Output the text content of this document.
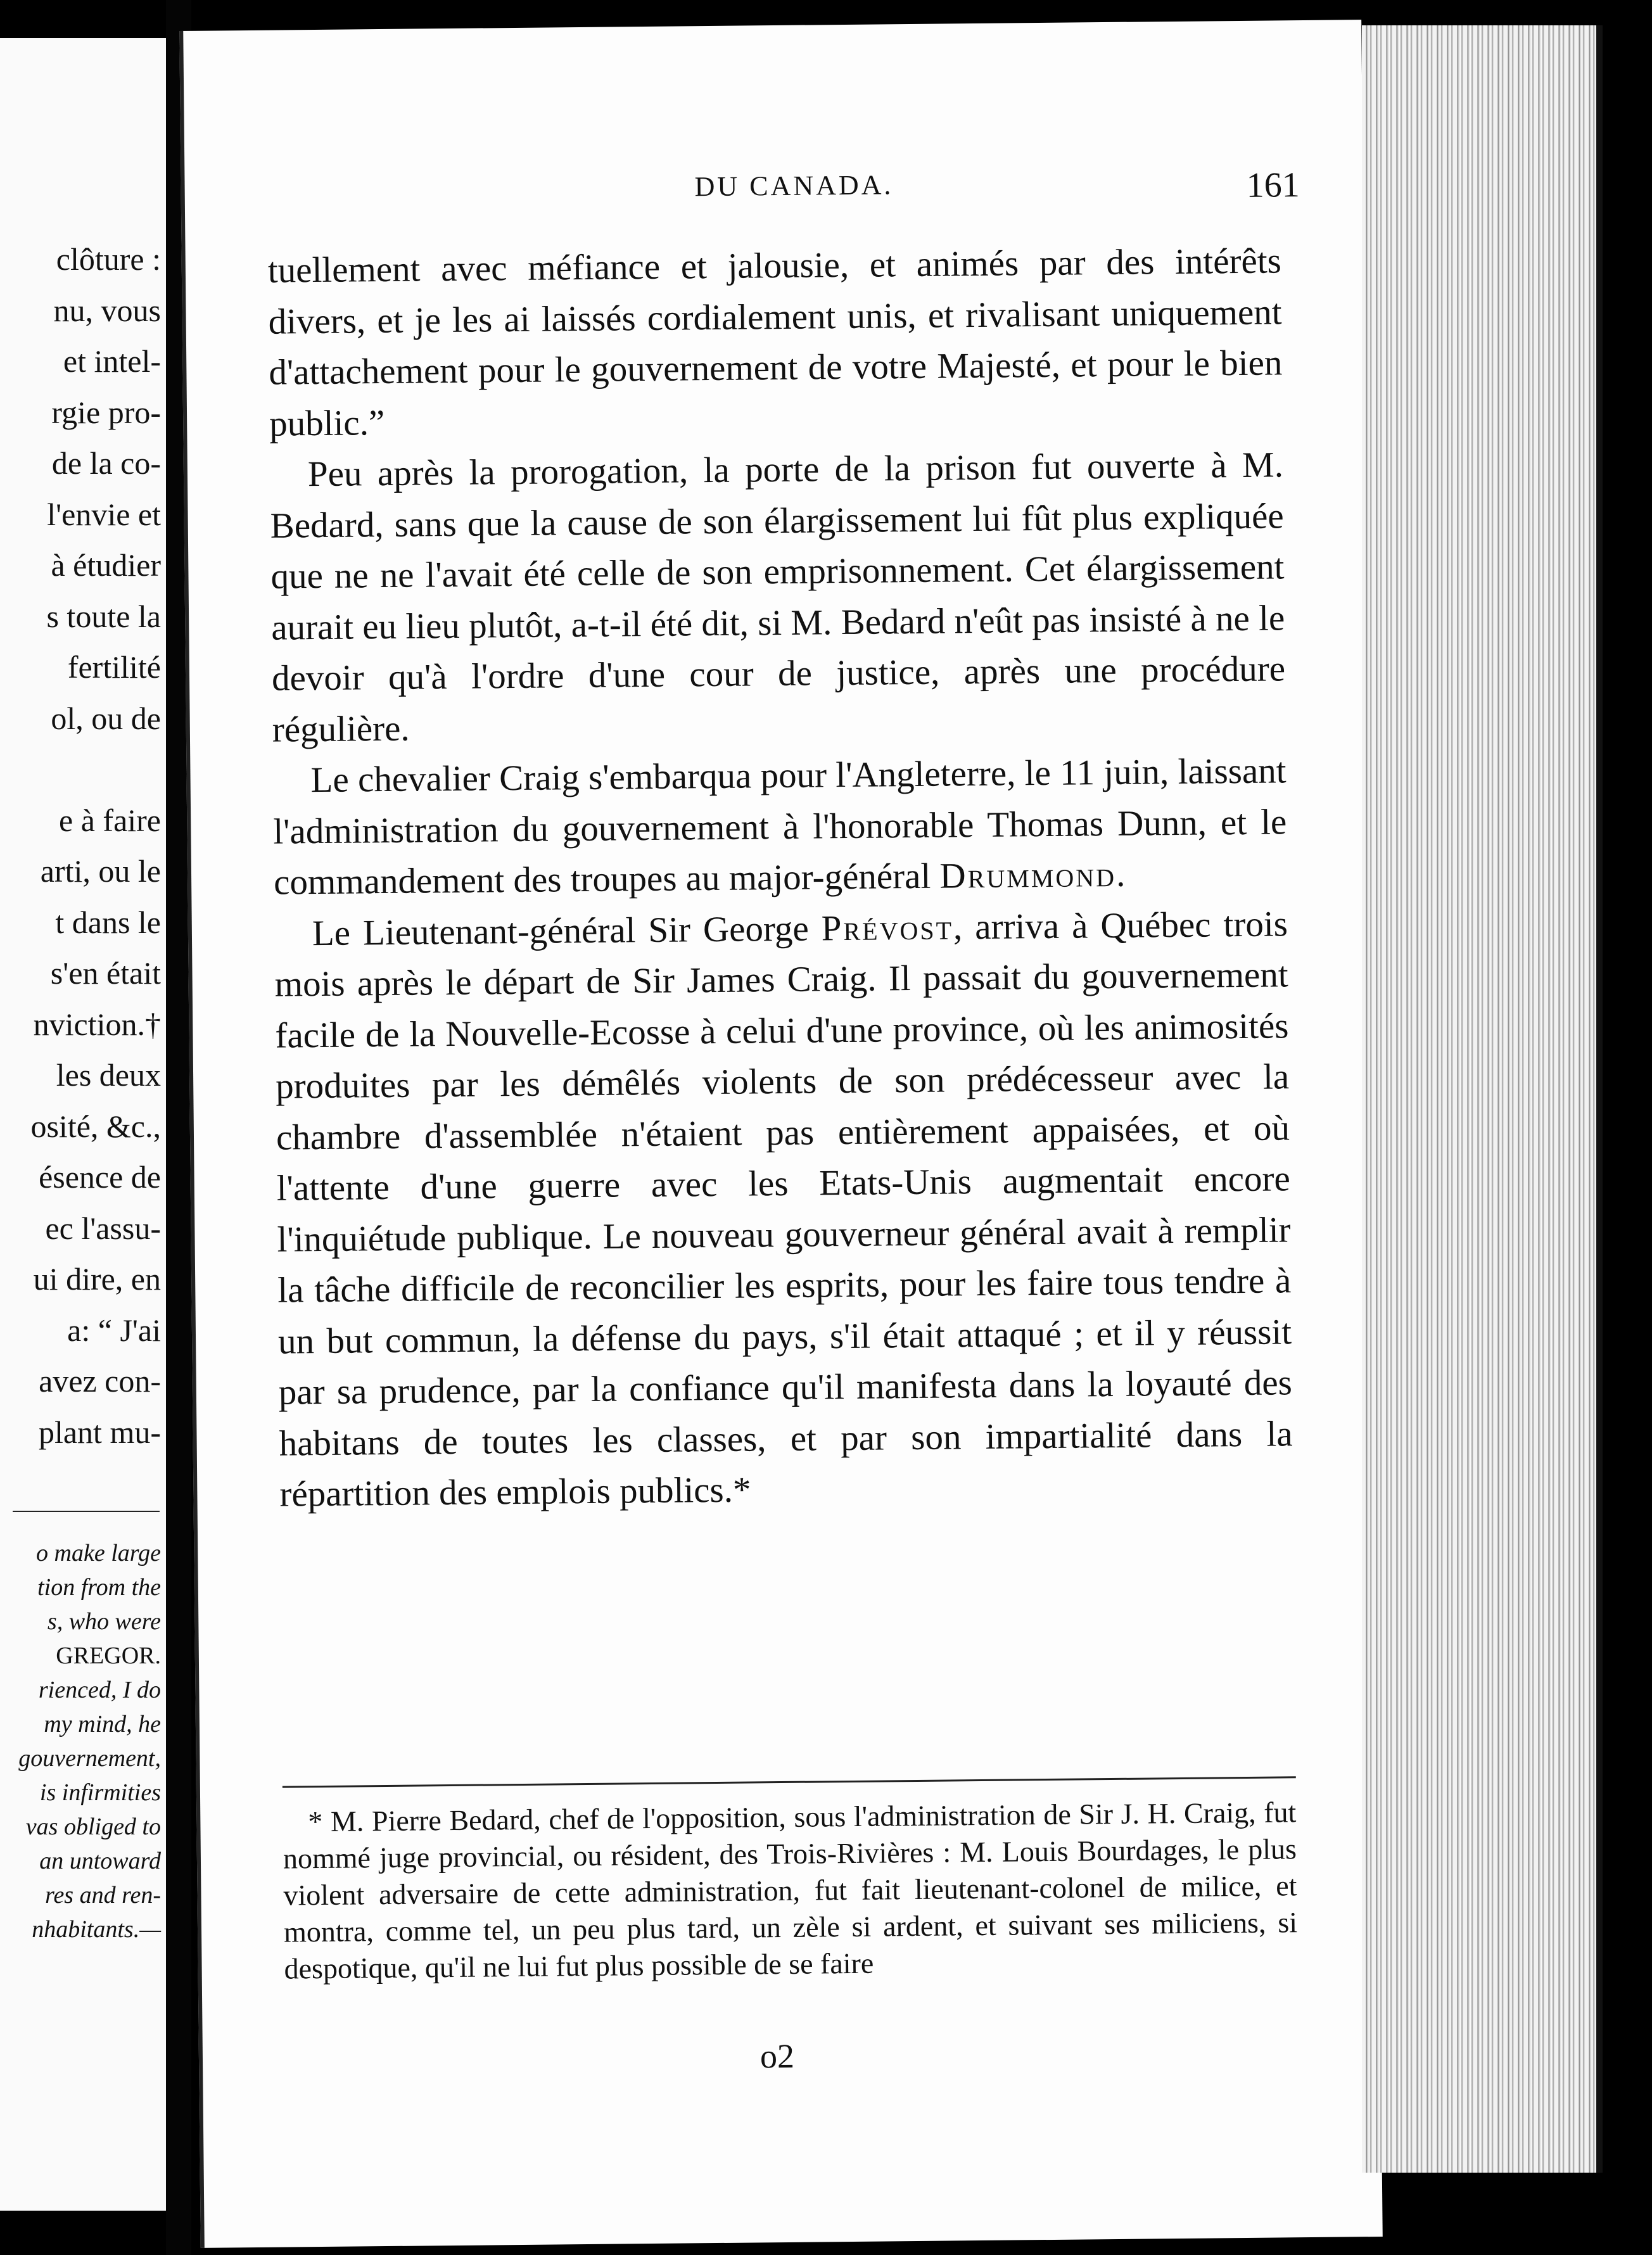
clôture :
nu, vous
et intel-
rgie pro-
de la co-
l'envie et
à étudier
s toute la
fertilité
ol, ou de
e à faire
arti, ou le
t dans le
s'en était
nviction.†
les deux
osité, &c.,
ésence de
ec l'assu-
ui dire, en
a: “ J'ai
avez con-
plant mu-
o make large
tion from the
s, who were
GREGOR.
rienced, I do
my mind, he
gouvernement,
is infirmities
vas obliged to
an untoward
res and ren-
nhabitants.—
DU CANADA.	161

tuellement avec méfiance et jalousie, et animés par des intérêts divers, et je les ai laissés cordialement unis, et rivalisant uniquement d'attachement pour le gouvernement de votre Majesté, et pour le bien public.”

Peu après la prorogation, la porte de la prison fut ouverte à M. Bedard, sans que la cause de son élargissement lui fût plus expliquée que ne ne l'avait été celle de son emprisonnement. Cet élargissement aurait eu lieu plutôt, a-t-il été dit, si M. Bedard n'eût pas insisté à ne le devoir qu'à l'ordre d'une cour de justice, après une procédure régulière.

Le chevalier Craig s'embarqua pour l'Angleterre, le 11 juin, laissant l'administration du gouvernement à l'honorable Thomas Dunn, et le commandement des troupes au major-général Drummond.

Le Lieutenant-général Sir George Prévost, arriva à Québec trois mois après le départ de Sir James Craig. Il passait du gouvernement facile de la Nouvelle-Ecosse à celui d'une province, où les animosités produites par les démêlés violents de son prédécesseur avec la chambre d'assemblée n'étaient pas entièrement appaisées, et où l'attente d'une guerre avec les Etats-Unis augmentait encore l'inquiétude publique. Le nouveau gouverneur général avait à remplir la tâche difficile de reconcilier les esprits, pour les faire tous tendre à un but commun, la défense du pays, s'il était attaqué ; et il y réussit par sa prudence, par la confiance qu'il manifesta dans la loyauté des habitans de toutes les classes, et par son impartialité dans la répartition des emplois publics.*

* M. Pierre Bedard, chef de l'opposition, sous l'administration de Sir J. H. Craig, fut nommé juge provincial, ou résident, des Trois-Rivières : M. Louis Bourdages, le plus violent adversaire de cette administration, fut fait lieutenant-colonel de milice, et montra, comme tel, un peu plus tard, un zèle si ardent, et suivant ses miliciens, si despotique, qu'il ne lui fut plus possible de se faire

o2
